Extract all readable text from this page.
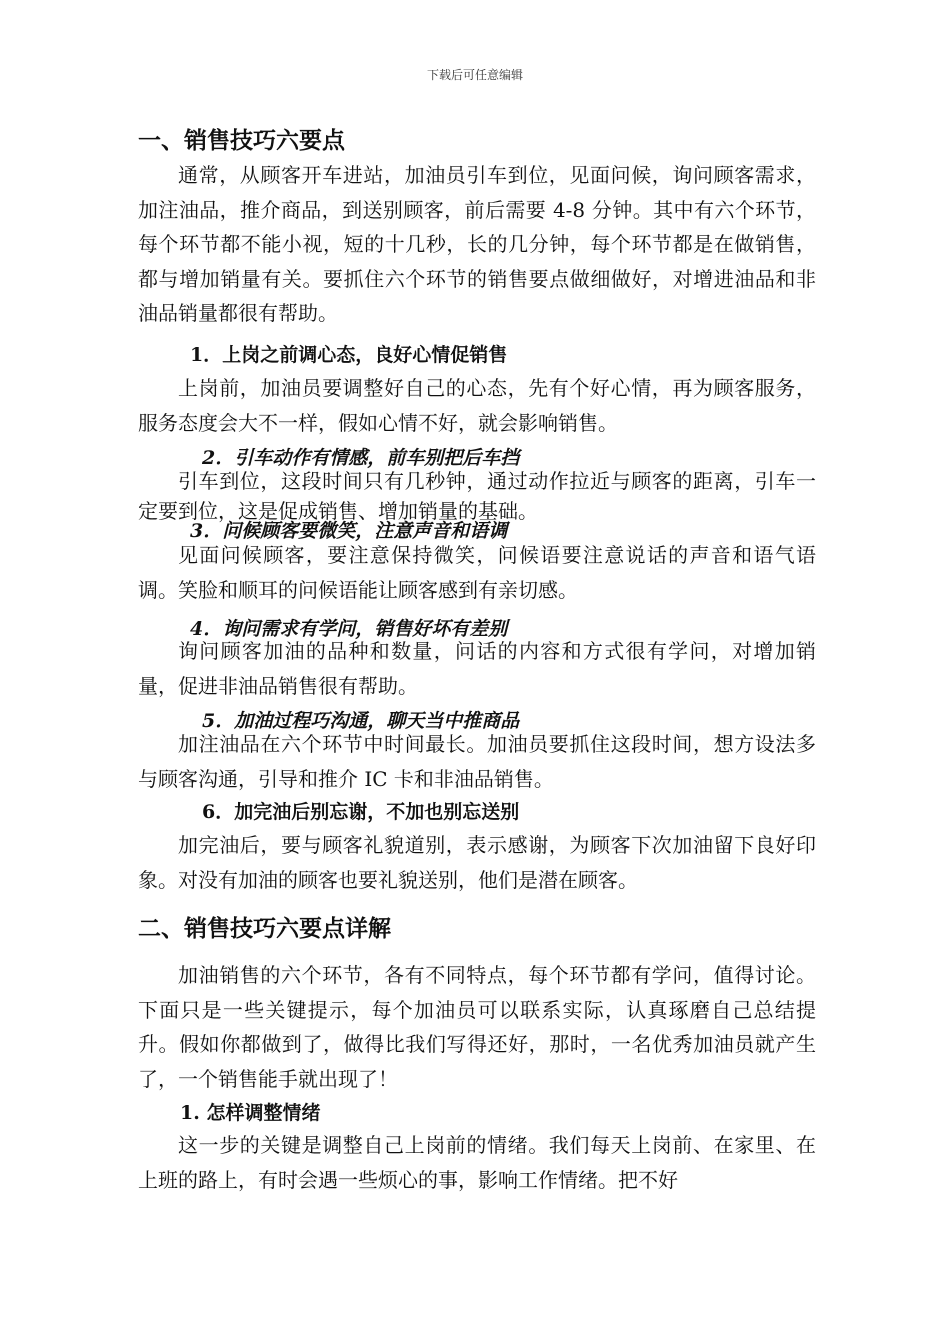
下载后可任意编辑
一、销售技巧六要点
通常，从顾客开车进站，加油员引车到位，见面问候，询问顾客需求，加注油品，推介商品，到送别顾客，前后需要 4-8 分钟。其中有六个环节，每个环节都不能小视，短的十几秒，长的几分钟，每个环节都是在做销售，都与增加销量有关。要抓住六个环节的销售要点做细做好，对增进油品和非油品销量都很有帮助。
1．上岗之前调心态，良好心情促销售
上岗前，加油员要调整好自己的心态，先有个好心情，再为顾客服务，服务态度会大不一样，假如心情不好，就会影响销售。
2．引车动作有情感，前车别把后车挡
引车到位，这段时间只有几秒钟，通过动作拉近与顾客的距离，引车一定要到位，这是促成销售、增加销量的基础。
3．问候顾客要微笑，注意声音和语调
见面问候顾客，要注意保持微笑，问候语要注意说话的声音和语气语调。笑脸和顺耳的问候语能让顾客感到有亲切感。
4．询问需求有学问，销售好坏有差别
询问顾客加油的品种和数量，问话的内容和方式很有学问，对增加销量，促进非油品销售很有帮助。
5．加油过程巧沟通，聊天当中推商品
加注油品在六个环节中时间最长。加油员要抓住这段时间，想方设法多与顾客沟通，引导和推介 IC 卡和非油品销售。
6．加完油后别忘谢，不加也别忘送别
加完油后，要与顾客礼貌道别，表示感谢，为顾客下次加油留下良好印象。对没有加油的顾客也要礼貌送别，他们是潜在顾客。
二、销售技巧六要点详解
加油销售的六个环节，各有不同特点，每个环节都有学问，值得讨论。下面只是一些关键提示，每个加油员可以联系实际，认真琢磨自己总结提升。假如你都做到了，做得比我们写得还好，那时，一名优秀加油员就产生了，一个销售能手就出现了！
1. 怎样调整情绪
这一步的关键是调整自己上岗前的情绪。我们每天上岗前、在家里、在上班的路上，有时会遇一些烦心的事，影响工作情绪。把不好
